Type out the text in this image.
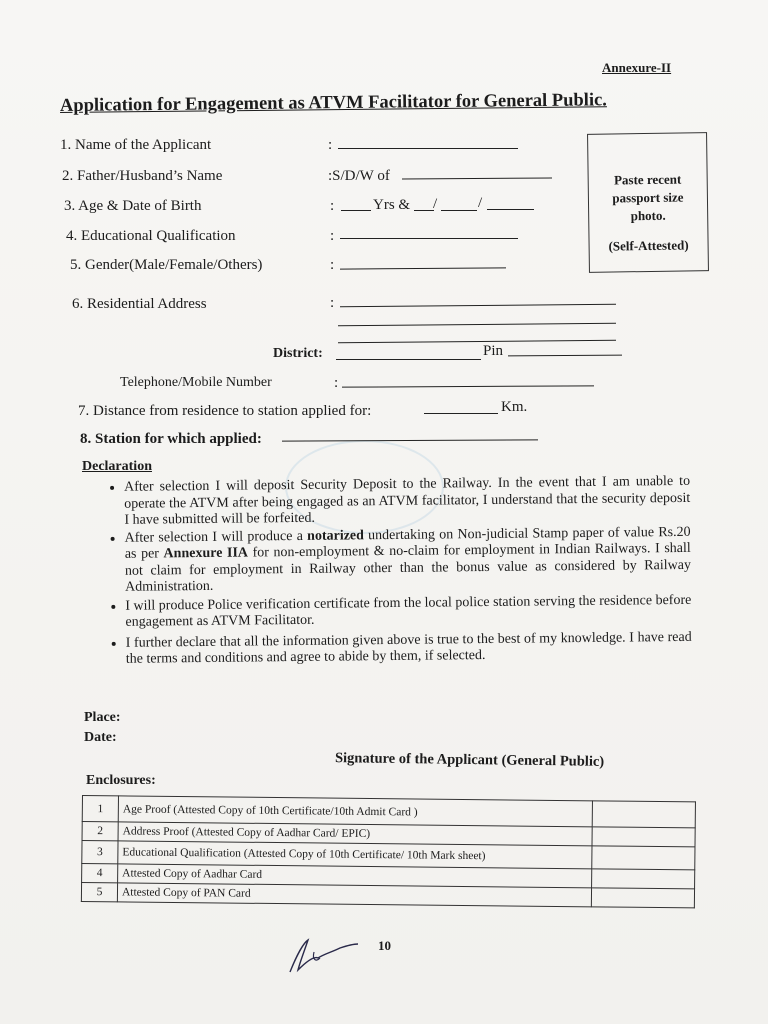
Annexure-II
Application for Engagement as ATVM Facilitator for General Public.
1. Name of the Applicant	:
2. Father/Husband’s Name	:S/D/W of
3. Age & Date of Birth	:	Yrs & /	/
4. Educational Qualification	:
5. Gender(Male/Female/Others)	:
Paste recent
passport size
photo.
(Self-Attested)
6. Residential Address	:
District:	Pin
Telephone/Mobile Number	:
7. Distance from residence to station applied for:	Km.
8. Station for which applied:
Declaration
• After selection I will deposit Security Deposit to the Railway. In the event that I am unable to operate the ATVM after being engaged as an ATVM facilitator, I understand that the security deposit I have submitted will be forfeited.
• After selection I will produce a notarized undertaking on Non-judicial Stamp paper of value Rs.20 as per Annexure IIA for non-employment & no-claim for employment in Indian Railways. I shall not claim for employment in Railway other than the bonus value as considered by Railway Administration.
• I will produce Police verification certificate from the local police station serving the residence before engagement as ATVM Facilitator.
• I further declare that all the information given above is true to the best of my knowledge. I have read the terms and conditions and agree to abide by them, if selected.
Place:
Date:
Signature of the Applicant (General Public)
Enclosures:
1	Age Proof (Attested Copy of 10th Certificate/10th Admit Card )	
2	Address Proof (Attested Copy of Aadhar Card/ EPIC)	
3	Educational Qualification (Attested Copy of 10th Certificate/ 10th Mark sheet)	
4	Attested Copy of Aadhar Card	
5	Attested Copy of PAN Card	
10
